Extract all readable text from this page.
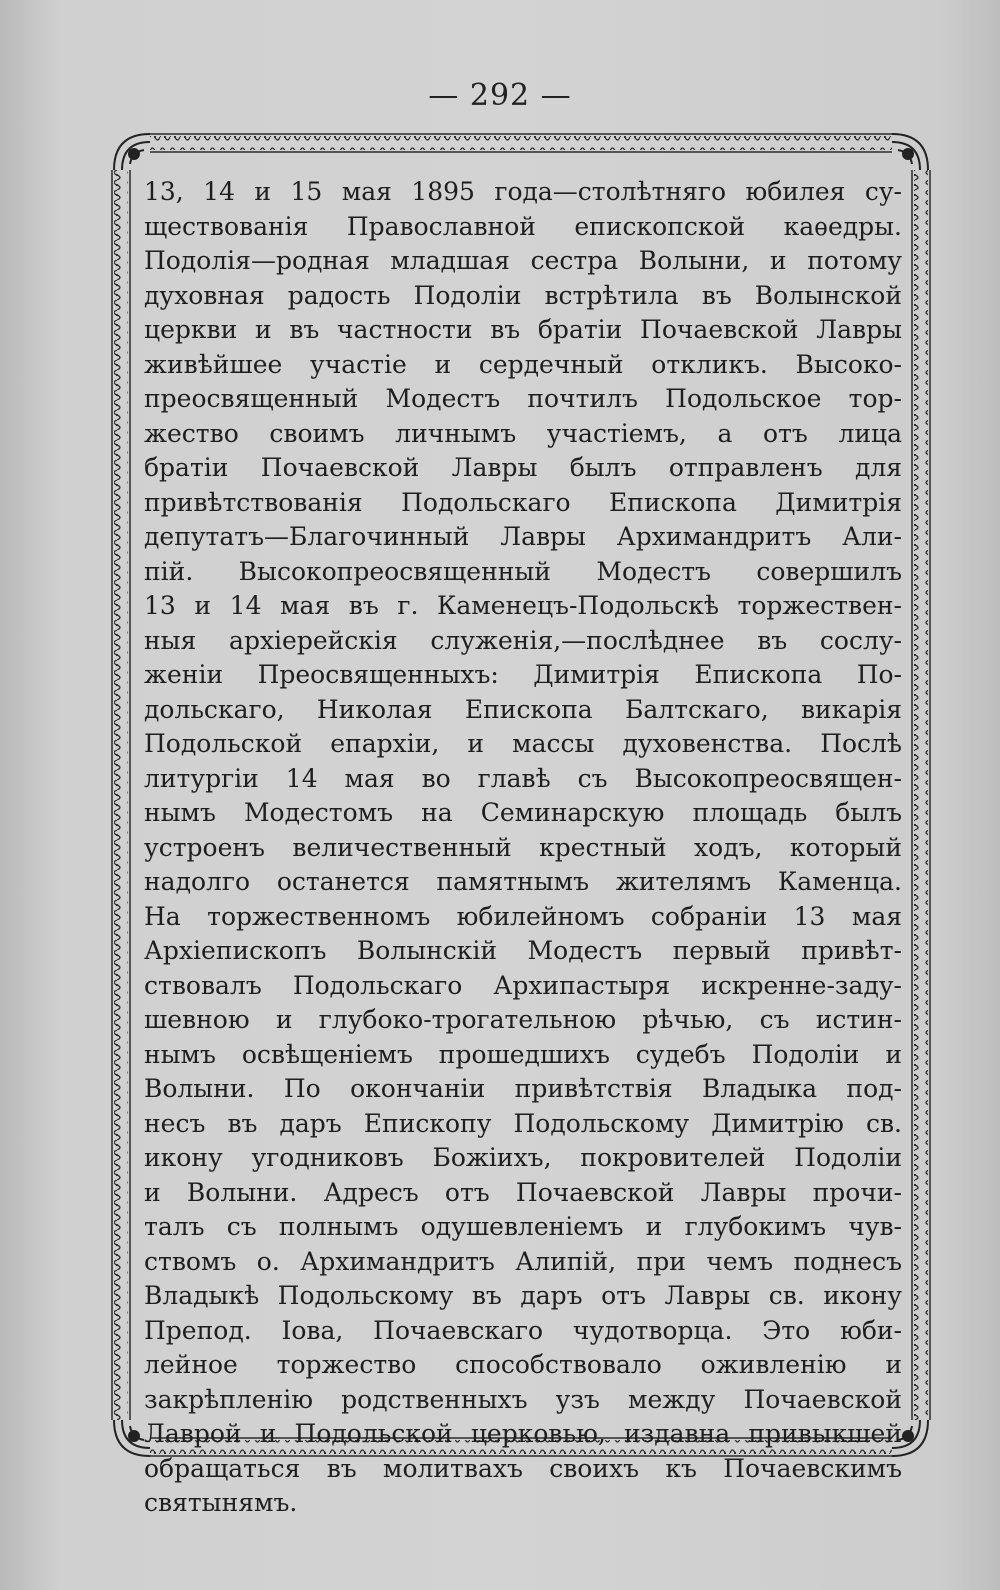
— 292 —
13, 14 и 15 мая 1895 года—столѣтняго юбилея су-
ществованія Православной епископской каѳедры.
Подолія—родная младшая сестра Волыни, и потому
духовная радость Подоліи встрѣтила въ Волынской
церкви и въ частности въ братіи Почаевской Лавры
живѣйшее участіе и сердечный откликъ. Высоко-
преосвященный Модестъ почтилъ Подольское тор-
жество своимъ личнымъ участіемъ, а отъ лица
братіи Почаевской Лавры былъ отправленъ для
привѣтствованія Подольскаго Епископа Димитрія
депутатъ—Благочинный Лавры Архимандритъ Али-
пій. Высокопреосвященный Модестъ совершилъ
13 и 14 мая въ г. Каменецъ-Подольскѣ торжествен-
ныя архіерейскія служенія,—послѣднее въ сослу-
женіи Преосвященныхъ: Димитрія Епископа По-
дольскаго, Николая Епископа Балтскаго, викарія
Подольской епархіи, и массы духовенства. Послѣ
литургіи 14 мая во главѣ съ Высокопреосвящен-
нымъ Модестомъ на Семинарскую площадь былъ
устроенъ величественный крестный ходъ, который
надолго останется памятнымъ жителямъ Каменца.
На торжественномъ юбилейномъ собраніи 13 мая
Архіепископъ Волынскій Модестъ первый привѣт-
ствовалъ Подольскаго Архипастыря искренне-заду-
шевною и глубоко-трогательною рѣчью, съ истин-
нымъ освѣщеніемъ прошедшихъ судебъ Подоліи и
Волыни. По окончаніи привѣтствія Владыка под-
несъ въ даръ Епископу Подольскому Димитрію св.
икону угодниковъ Божіихъ, покровителей Подоліи
и Волыни. Адресъ отъ Почаевской Лавры прочи-
талъ съ полнымъ одушевленіемъ и глубокимъ чув-
ствомъ о. Архимандритъ Алипій, при чемъ поднесъ
Владыкѣ Подольскому въ даръ отъ Лавры св. икону
Препод. Іова, Почаевскаго чудотворца. Это юби-
лейное торжество способствовало оживленію и
закрѣпленію родственныхъ узъ между Почаевской
Лаврой и Подольской церковью, издавна привыкшей
обращаться въ молитвахъ своихъ къ Почаевскимъ
святынямъ.
